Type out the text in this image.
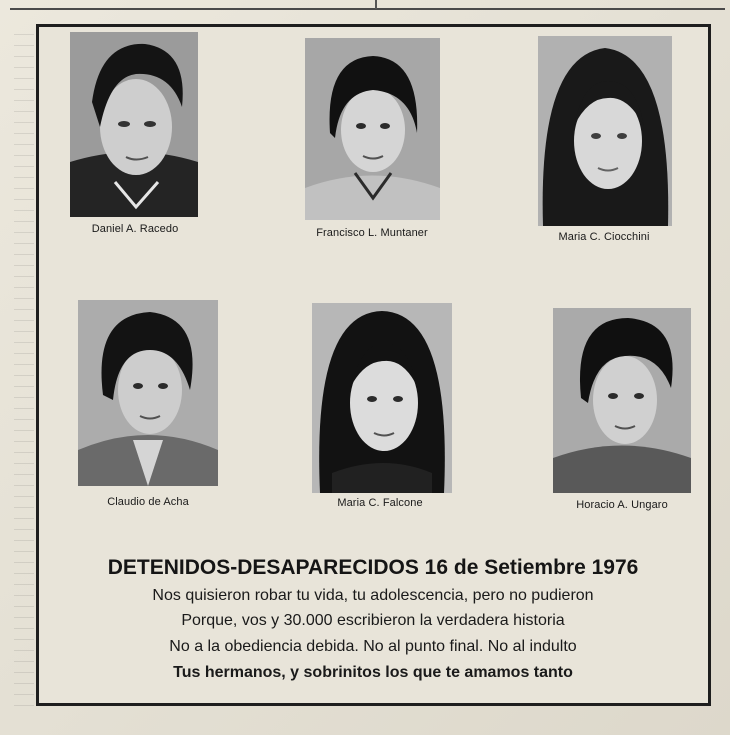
Daniel A. Racedo	Francisco L. Muntaner	Maria C. Ciocchini
Claudio de Acha	Maria C. Falcone	Horacio A. Ungaro
DETENIDOS-DESAPARECIDOS 16 de Setiembre 1976
Nos quisieron robar tu vida, tu adolescencia, pero no pudieron
Porque, vos y 30.000 escribieron la verdadera historia
No a la obediencia debida. No al punto final. No al indulto
Tus hermanos, y sobrinitos los que te amamos tanto
